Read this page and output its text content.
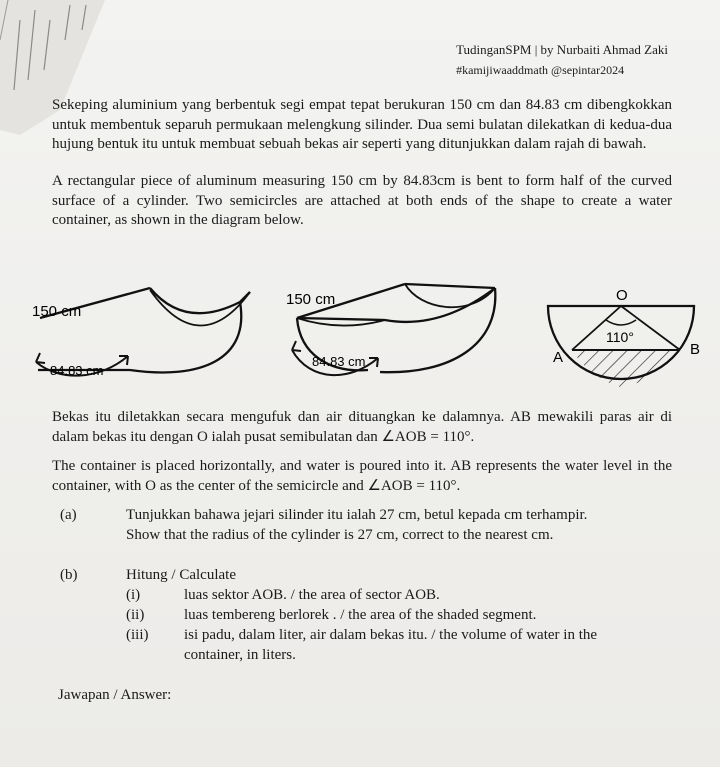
TudinganSPM | by Nurbaiti Ahmad Zaki
#kamijiwaaddmath @sepintar2024
Sekeping aluminium yang berbentuk segi empat tepat berukuran 150 cm dan 84.83 cm dibengkokkan untuk membentuk separuh permukaan melengkung silinder. Dua semi bulatan dilekatkan di kedua-dua hujung bentuk itu untuk membuat sebuah bekas air seperti yang ditunjukkan dalam rajah di bawah.
A rectangular piece of aluminum measuring 150 cm by 84.83cm is bent to form half of the curved surface of a cylinder. Two semicircles are attached at both ends of the shape to create a water container, as shown in the diagram below.
150 cm
84.83 cm
150 cm
84.83 cm
O
110°
A	B
Bekas itu diletakkan secara mengufuk dan air dituangkan ke dalamnya. AB mewakili paras air di dalam bekas itu dengan O ialah pusat semibulatan dan ∠AOB = 110°.
The container is placed horizontally, and water is poured into it. AB represents the water level in the container, with O as the center of the semicircle and ∠AOB = 110°.
(a)	Tunjukkan bahawa jejari silinder itu ialah 27 cm, betul kepada cm terhampir.
Show that the radius of the cylinder is 27 cm, correct to the nearest cm.
(b)	Hitung / Calculate
(i)	luas sektor AOB. / the area of sector AOB.
(ii)	luas tembereng berlorek . / the area of the shaded segment.
(iii) isi padu, dalam liter, air dalam bekas itu. / the volume of water in the
container, in liters.
Jawapan / Answer:
